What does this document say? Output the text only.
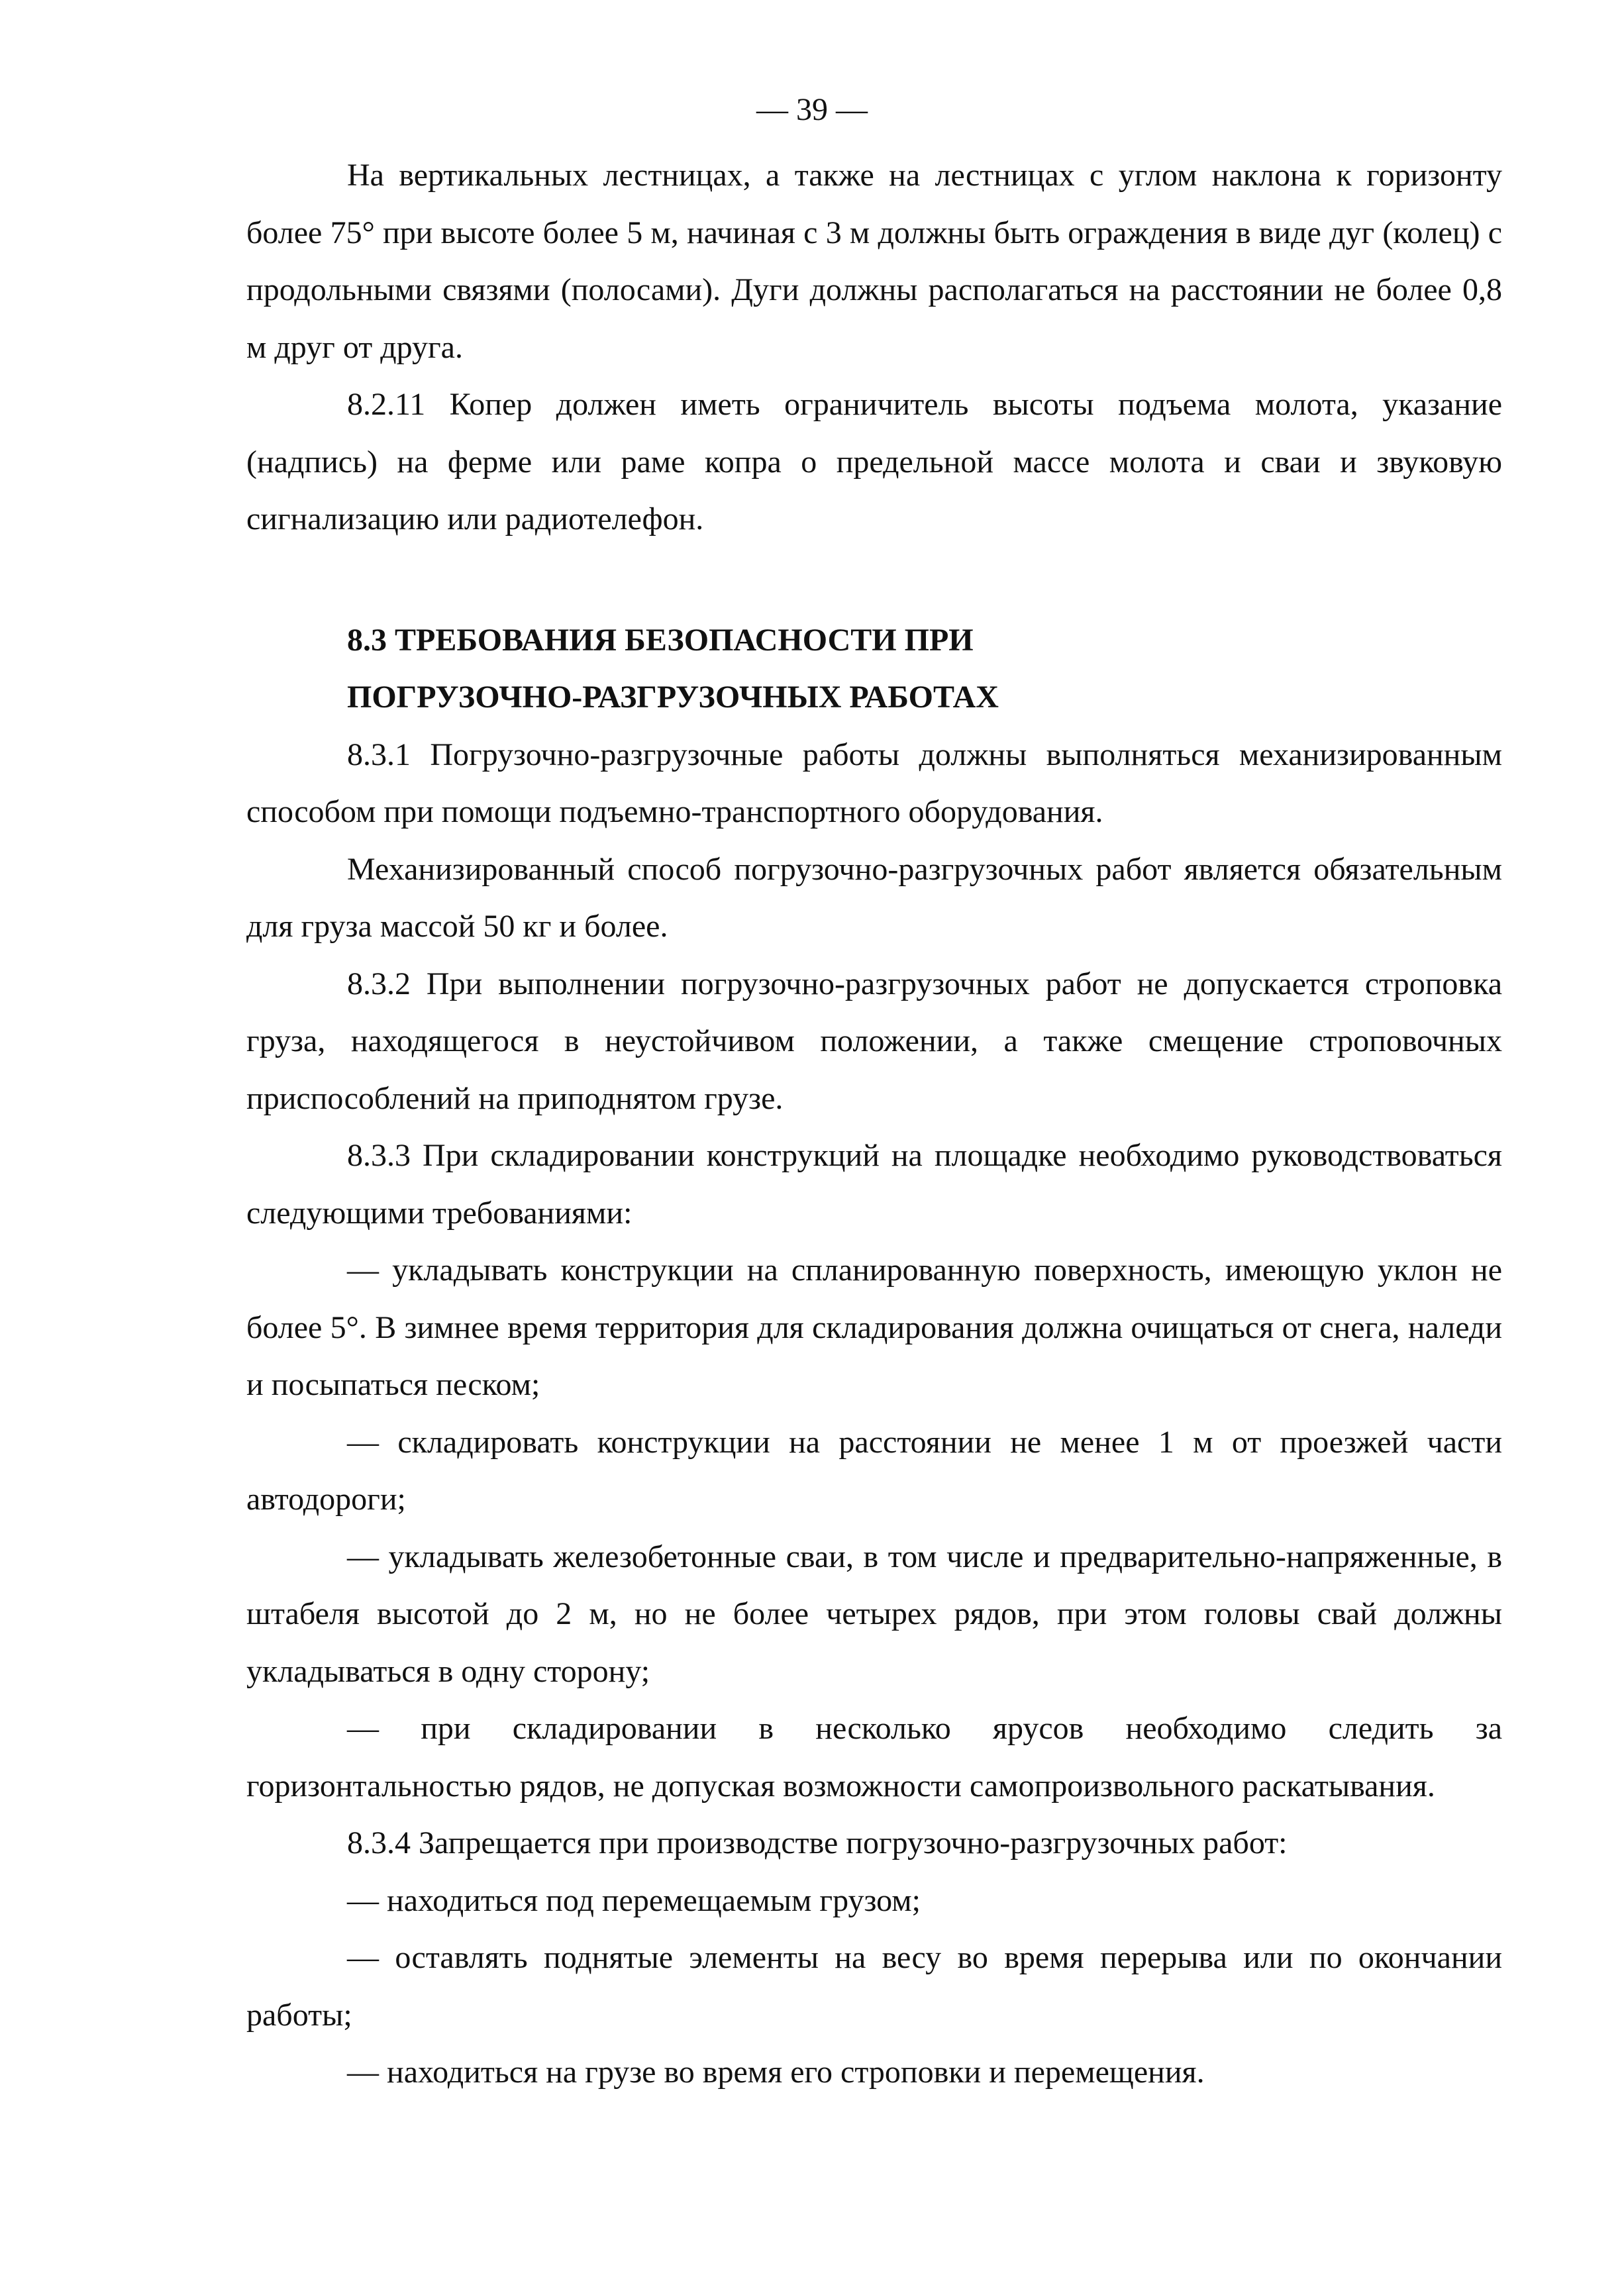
— 39 —

На вертикальных лестницах, а также на лестницах с углом наклона к горизонту более 75° при высоте более 5 м, начиная с 3 м должны быть ограждения в виде дуг (колец) с продольными связями (полосами). Дуги должны располагаться на расстоянии не более 0,8 м друг от друга.

8.2.11 Копер должен иметь ограничитель высоты подъема молота, указание (надпись) на ферме или раме копра о предельной массе молота и сваи и звуковую сигнализацию или радиотелефон.

8.3 ТРЕБОВАНИЯ БЕЗОПАСНОСТИ ПРИ

ПОГРУЗОЧНО-РАЗГРУЗОЧНЫХ РАБОТАХ

8.3.1 Погрузочно-разгрузочные работы должны выполняться механизированным способом при помощи подъемно-транспортного оборудования.

Механизированный способ погрузочно-разгрузочных работ является обязательным для груза массой 50 кг и более.

8.3.2 При выполнении погрузочно-разгрузочных работ не допускается строповка груза, находящегося в неустойчивом положении, а также смещение строповочных приспособлений на приподнятом грузе.

8.3.3 При складировании конструкций на площадке необходимо руководствоваться следующими требованиями:

— укладывать конструкции на спланированную поверхность, имеющую уклон не более 5°. В зимнее время территория для складирования должна очищаться от снега, наледи и посыпаться песком;

— складировать конструкции на расстоянии не менее 1 м от проезжей части автодороги;

— укладывать железобетонные сваи, в том числе и предварительно-напряженные, в штабеля высотой до 2 м, но не более четырех рядов, при этом головы свай должны укладываться в одну сторону;

— при складировании в несколько ярусов необходимо следить за горизонтальностью рядов, не допуская возможности самопроизвольного раскатывания.

8.3.4 Запрещается при производстве погрузочно-разгрузочных работ:

— находиться под перемещаемым грузом;

— оставлять поднятые элементы на весу во время перерыва или по окончании работы;

— находиться на грузе во время его строповки и перемещения.
